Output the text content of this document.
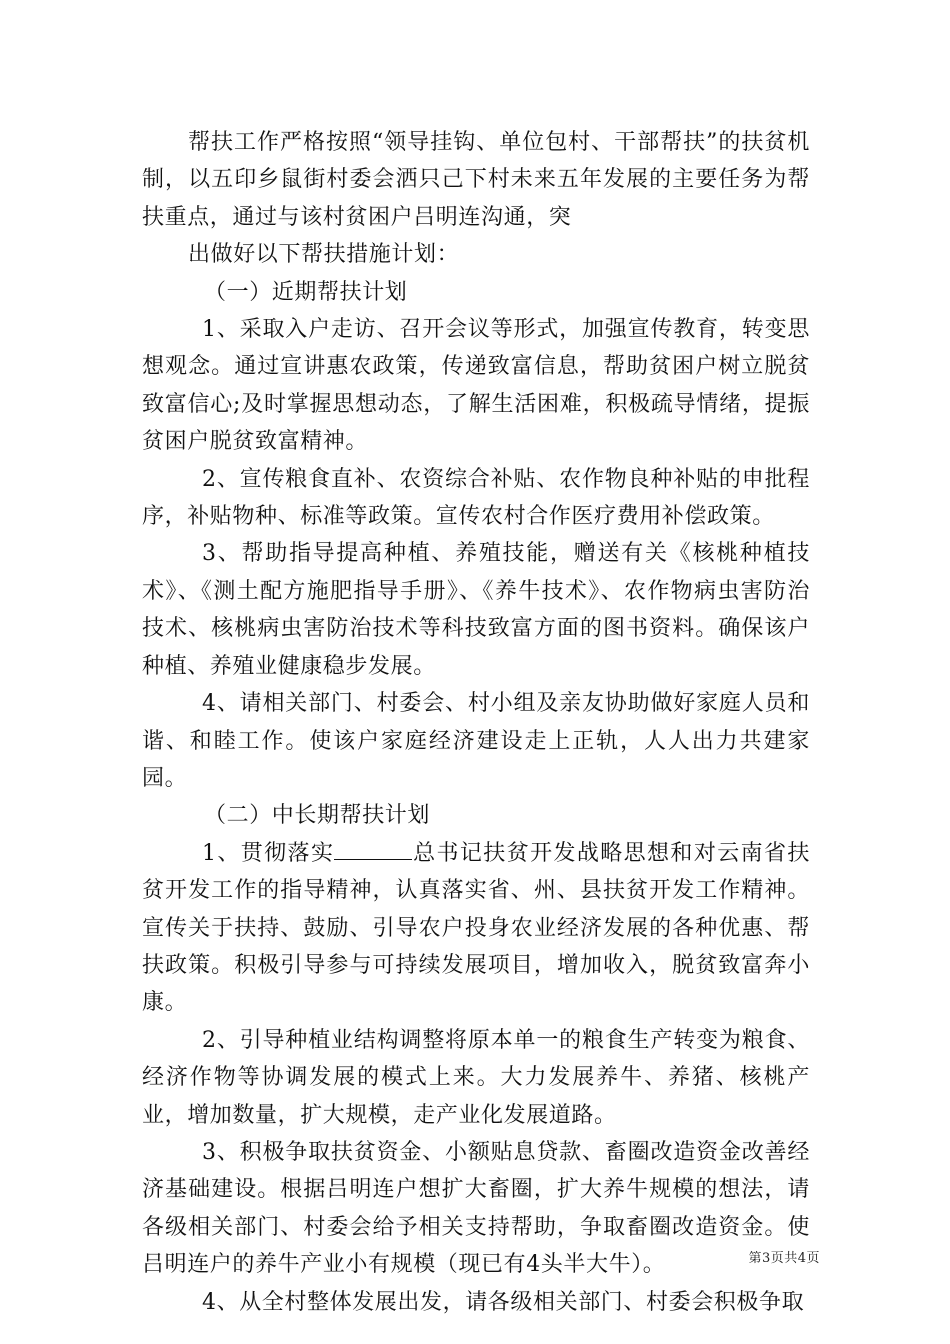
帮扶工作严格按照“领导挂钩、单位包村、干部帮扶”的扶贫机制，以五印乡鼠街村委会洒只己下村未来五年发展的主要任务为帮扶重点，通过与该村贫困户吕明连沟通，突

出做好以下帮扶措施计划：

（一）近期帮扶计划

1、采取入户走访、召开会议等形式，加强宣传教育，转变思想观念。通过宣讲惠农政策，传递致富信息，帮助贫困户树立脱贫致富信心;及时掌握思想动态，了解生活困难，积极疏导情绪，提振贫困户脱贫致富精神。

2、宣传粮食直补、农资综合补贴、农作物良种补贴的申批程序，补贴物种、标准等政策。宣传农村合作医疗费用补偿政策。

3、帮助指导提高种植、养殖技能，赠送有关《核桃种植技术》、《测土配方施肥指导手册》、《养牛技术》、农作物病虫害防治技术、核桃病虫害防治技术等科技致富方面的图书资料。确保该户种植、养殖业健康稳步发展。

4、请相关部门、村委会、村小组及亲友协助做好家庭人员和谐、和睦工作。使该户家庭经济建设走上正轨，人人出力共建家园。

（二）中长期帮扶计划

1、贯彻落实	总书记扶贫开发战略思想和对云南省扶贫开发工作的指导精神，认真落实省、州、县扶贫开发工作精神。宣传关于扶持、鼓励、引导农户投身农业经济发展的各种优惠、帮扶政策。积极引导参与可持续发展项目，增加收入，脱贫致富奔小康。

2、引导种植业结构调整将原本单一的粮食生产转变为粮食、经济作物等协调发展的模式上来。大力发展养牛、养猪、核桃产业，增加数量，扩大规模，走产业化发展道路。

3、积极争取扶贫资金、小额贴息贷款、畜圈改造资金改善经济基础建设。根据吕明连户想扩大畜圈，扩大养牛规模的想法，请各级相关部门、村委会给予相关支持帮助，争取畜圈改造资金。使吕明连户的养牛产业小有规模（现已有4头半大牛）。

4、从全村整体发展出发，请各级相关部门、村委会积极争取

第3页共4页
